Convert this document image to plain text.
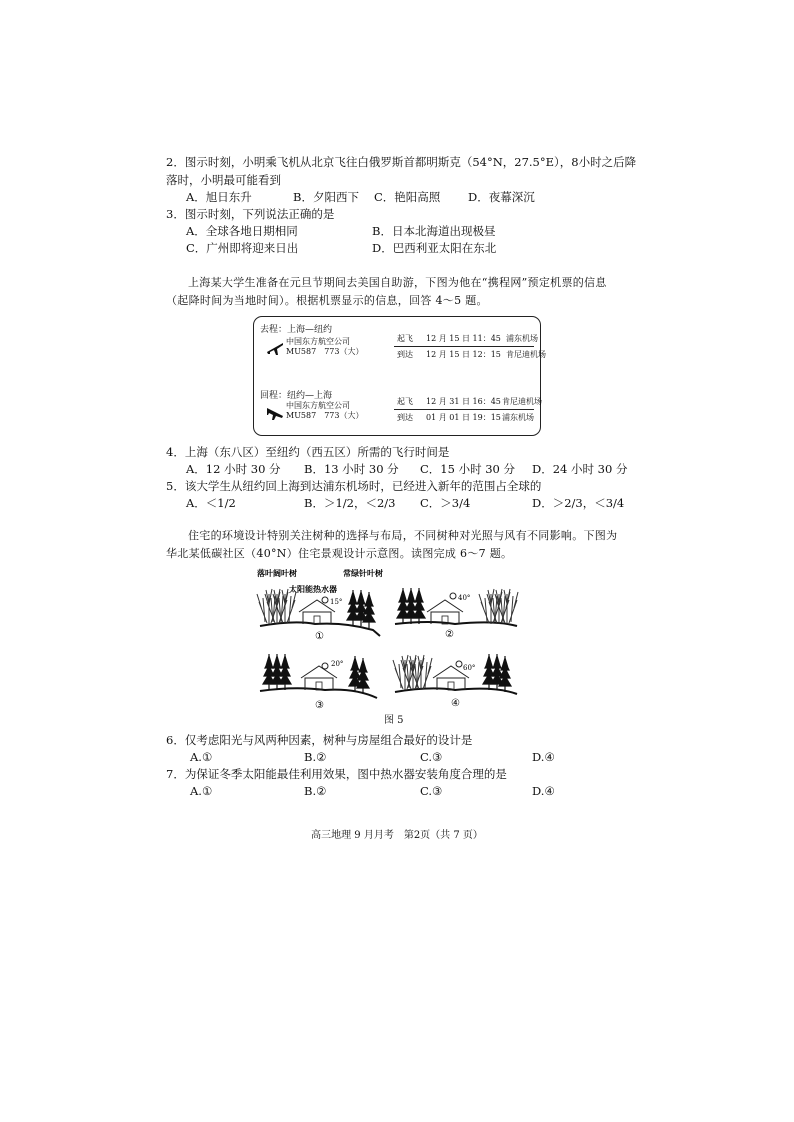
2．图示时刻，小明乘飞机从北京飞往白俄罗斯首都明斯克（54°N，27.5°E），8小时之后降
落时，小明最可能看到
A．旭日东升	B．夕阳西下 C．艳阳高照 D．夜幕深沉
3．图示时刻，下列说法正确的是
A．全球各地日期相同	B．日本北海道出现极昼
C．广州即将迎来日出	D．巴西利亚太阳在东北
上海某大学生准备在元旦节期间去美国自助游，下图为他在“携程网”预定机票的信息
（起降时间为当地时间）。根据机票显示的信息，回答 4～5 题。
去程：上海—纽约
中国东方航空公司
MU587　773（大）
起飞 12 月 15 日 11：45 浦东机场
到达 12 月 15 日 12：15 肯尼迪机场
回程：纽约—上海
中国东方航空公司
MU587　773（大）
起飞 12 月 31 日 16：45 肯尼迪机场
到达 01 月 01 日 19：15 浦东机场
4．上海（东八区）至纽约（西五区）所需的飞行时间是
A．12 小时 30 分 B．13 小时 30 分 C．15 小时 30 分 D．24 小时 30 分
5．该大学生从纽约回上海到达浦东机场时，已经进入新年的范围占全球的
A．＜1/2	B．＞1/2，＜2/3 C．＞3/4	D．＞2/3，＜3/4
住宅的环境设计特别关注树种的选择与布局，不同树种对光照与风有不同影响。下图为
华北某低碳社区（40°N）住宅景观设计示意图。读图完成 6～7 题。
落叶阔叶树	常绿针叶树
太阳能热水器
15°
①
40°
②
20°
③
60°
④
图 5
6．仅考虑阳光与风两种因素，树种与房屋组合最好的设计是
A.①	B.②	C.③	D.④
7．为保证冬季太阳能最佳利用效果，图中热水器安装角度合理的是
A.①	B.②	C.③	D.④
高三地理 9 月月考　第2页（共 7 页）
